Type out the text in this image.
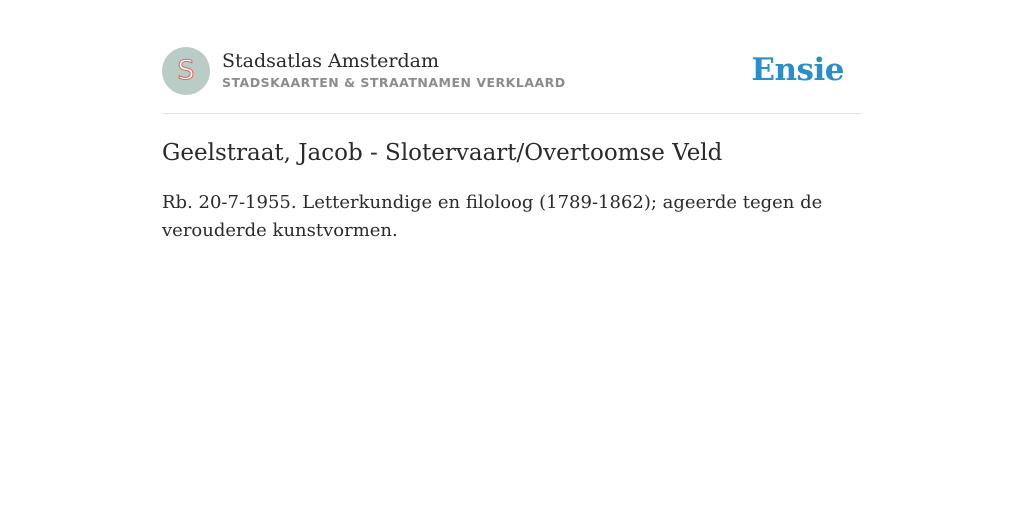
S Stadsatlas Amsterdam
STADSKAARTEN & STRAATNAMEN VERKLAARD	Ensie
Geelstraat, Jacob - Slotervaart/Overtoomse Veld

Rb. 20-7-1955. Letterkundige en filoloog (1789-1862); ageerde tegen de verouderde kunstvormen.
